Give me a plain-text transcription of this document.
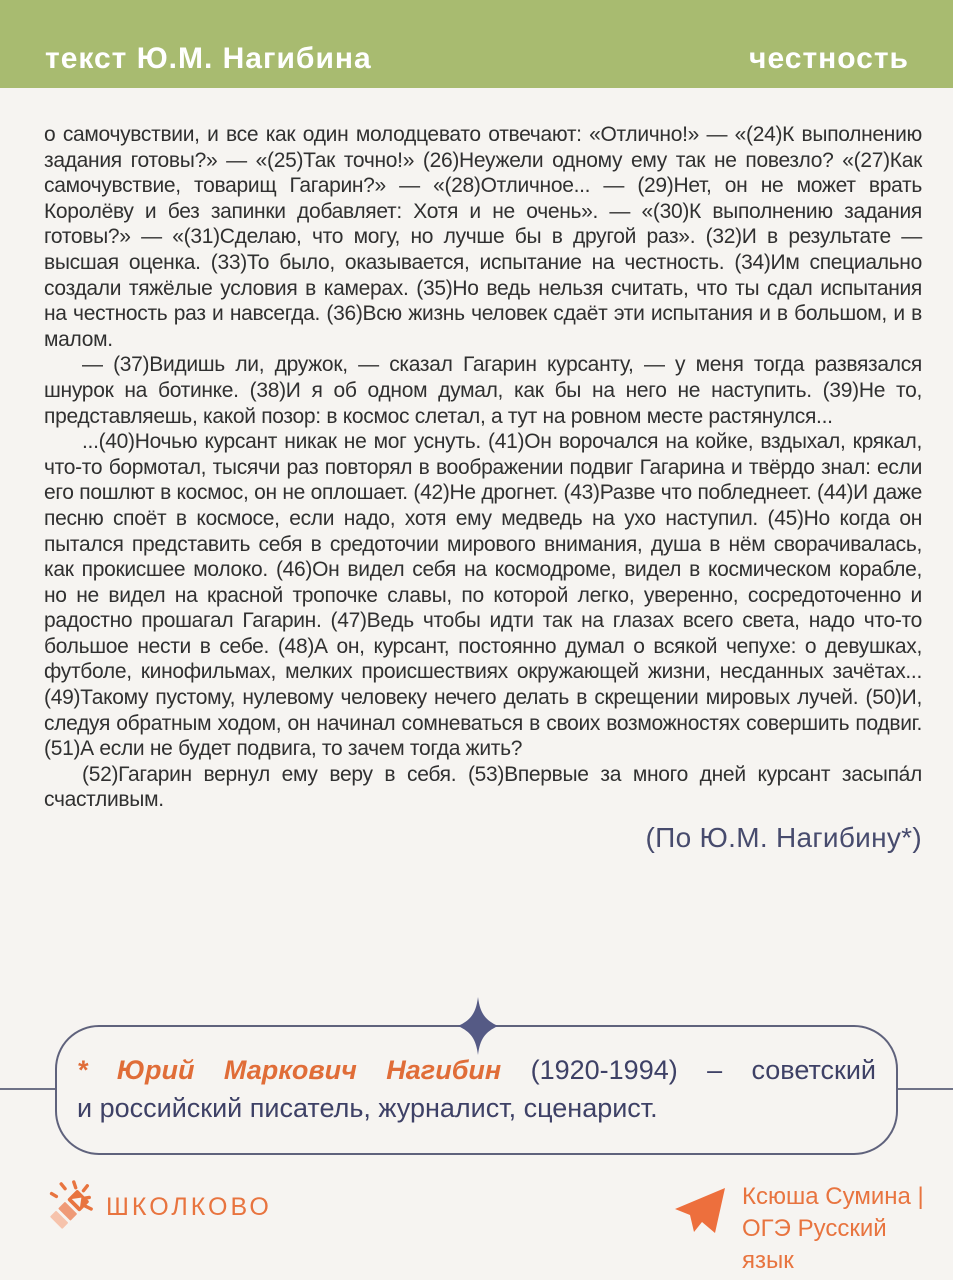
текст Ю.М. Нагибина	честность

о самочувствии, и все как один молодцевато отвечают: «Отлично!» — «(24)К выполнению задания готовы?» — «(25)Так точно!» (26)Неужели одному ему так не повезло? «(27)Как самочувствие, товарищ Гагарин?» — «(28)Отличное... — (29)Нет, он не может врать Королёву и без запинки добавляет: Хотя и не очень». — «(30)К выполнению задания готовы?» — «(31)Сделаю, что могу, но лучше бы в другой раз». (32)И в результате — высшая оценка. (33)То было, оказывается, испытание на честность. (34)Им специально создали тяжёлые условия в камерах. (35)Но ведь нельзя считать, что ты сдал испытания на честность раз и навсегда. (36)Всю жизнь человек сдаёт эти испытания и в большом, и в малом.

— (37)Видишь ли, дружок, — сказал Гагарин курсанту, — у меня тогда развязался шнурок на ботинке. (38)И я об одном думал, как бы на него не наступить. (39)Не то, представляешь, какой позор: в космос слетал, а тут на ровном месте растянулся...

...(40)Ночью курсант никак не мог уснуть. (41)Он ворочался на койке, вздыхал, крякал, что-то бормотал, тысячи раз повторял в воображении подвиг Гагарина и твёрдо знал: если его пошлют в космос, он не оплошает. (42)Не дрогнет. (43)Разве что побледнеет. (44)И даже песню споёт в космосе, если надо, хотя ему медведь на ухо наступил. (45)Но когда он пытался представить себя в средоточии мирового внимания, душа в нём сворачивалась, как прокисшее молоко. (46)Он видел себя на космодроме, видел в космическом корабле, но не видел на красной тропочке славы, по которой легко, уверенно, сосредоточенно и радостно прошагал Гагарин. (47)Ведь чтобы идти так на глазах всего света, надо что-то большое нести в себе. (48)А он, курсант, постоянно думал о всякой чепухе: о девушках, футболе, кинофильмах, мелких происшествиях окружающей жизни, несданных зачётах... (49)Такому пустому, нулевому человеку нечего делать в скрещении мировых лучей. (50)И, следуя обратным ходом, он начинал сомневаться в своих возможностях совершить подвиг. (51)А если не будет подвига, то зачем тогда жить?

(52)Гагарин вернул ему веру в себя. (53)Впервые за много дней курсант засыпа́л счастливым.

(По Ю.М. Нагибину*)
* Юрий Маркович Нагибин (1920-1994) – советский
и российский писатель, журналист, сценарист.
ШКОЛКОВО	Ксюша Сумина |
ОГЭ Русский язык
